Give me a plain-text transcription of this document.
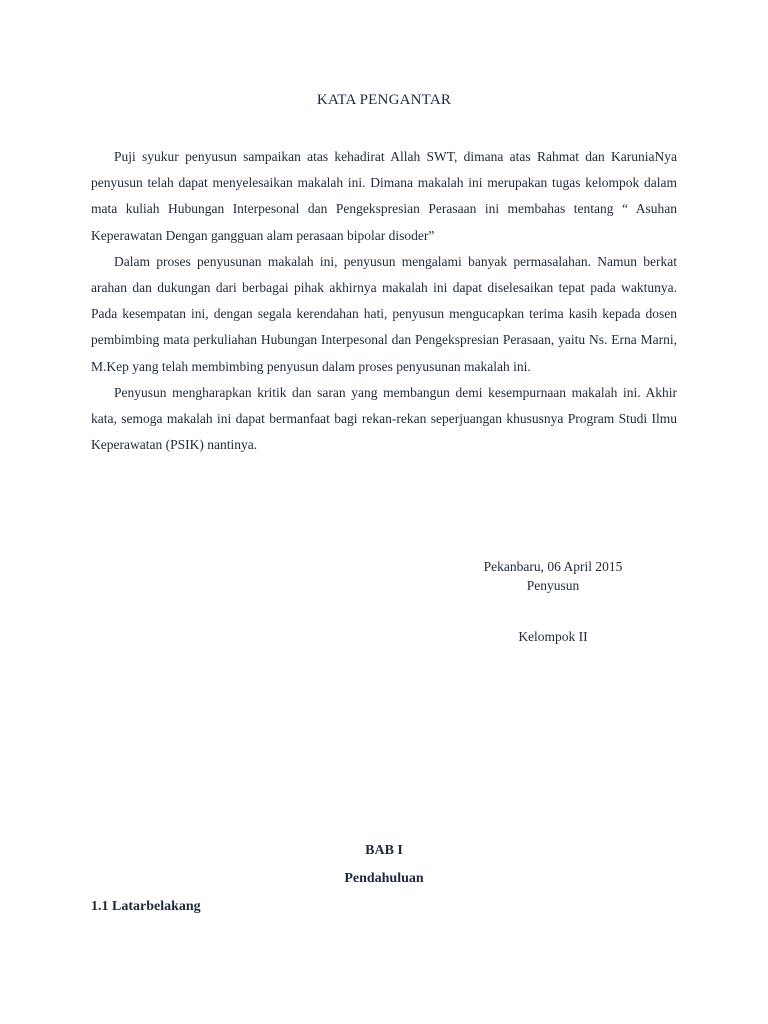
KATA PENGANTAR

Puji syukur penyusun sampaikan atas kehadirat Allah SWT, dimana atas Rahmat dan KaruniaNya penyusun telah dapat menyelesaikan makalah ini. Dimana makalah ini merupakan tugas kelompok dalam mata kuliah Hubungan Interpesonal dan Pengekspresian Perasaan ini membahas tentang “ Asuhan Keperawatan Dengan gangguan alam perasaan bipolar disoder”

Dalam proses penyusunan makalah ini, penyusun mengalami banyak permasalahan. Namun berkat arahan dan dukungan dari berbagai pihak akhirnya makalah ini dapat diselesaikan tepat pada waktunya. Pada kesempatan ini, dengan segala kerendahan hati, penyusun mengucapkan terima kasih kepada dosen pembimbing mata perkuliahan Hubungan Interpesonal dan Pengekspresian Perasaan, yaitu Ns. Erna Marni, M.Kep yang telah membimbing penyusun dalam proses penyusunan makalah ini.

Penyusun mengharapkan kritik dan saran yang membangun demi kesempurnaan makalah ini. Akhir kata, semoga makalah ini dapat bermanfaat bagi rekan-rekan seperjuangan khususnya Program Studi Ilmu Keperawatan (PSIK) nantinya.

Pekanbaru, 06 April 2015
Penyusun
Kelompok II
BAB I
Pendahuluan
1.1 Latarbelakang
